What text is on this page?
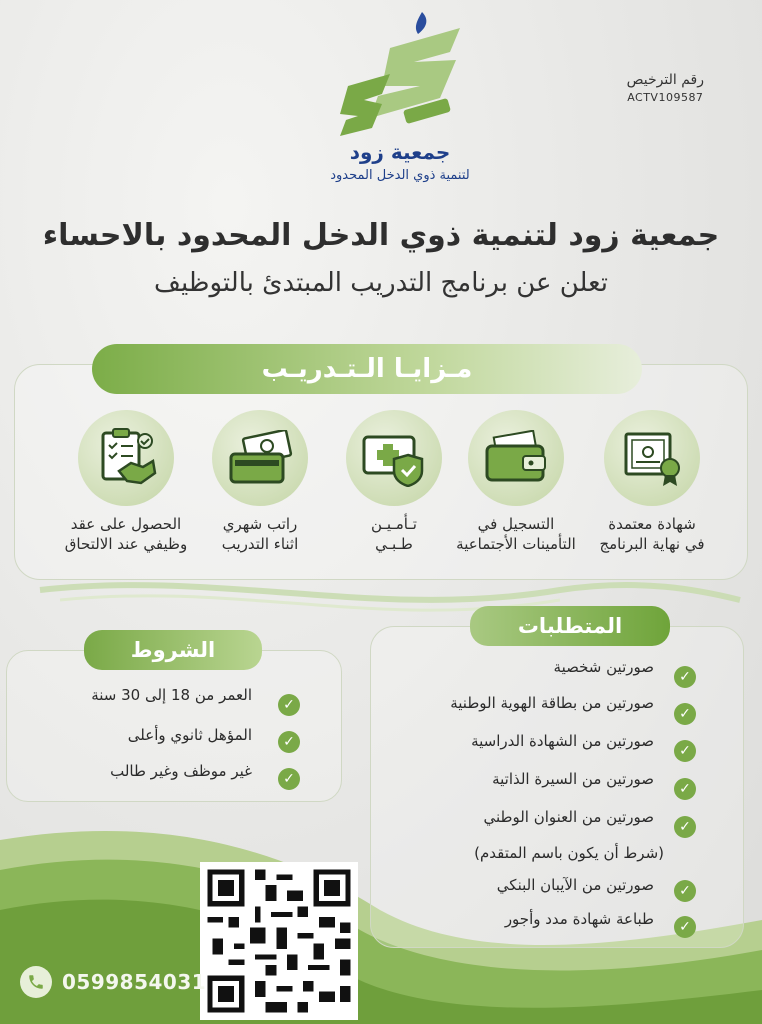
جمعية زود
لتنمية ذوي الدخل المحدود
رقم الترخيص
ACTV109587
جمعية زود لتنمية ذوي الدخل المحدود بالاحساء
تعلن عن برنامج التدريب المبتدئ بالتوظيف
مـزايـا الـتـدريـب
شهادة معتمدة
في نهاية البرنامج
التسجيل في
التأمينات الأجتماعية
تـأمـيـن
طـبـي
راتب شهري
اثناء التدريب
الحصول على عقد
وظيفي عند الالتحاق
الشروط
العمر من 18 إلى 30 سنة
✓
المؤهل ثانوي وأعلى	✓
غير موظف وغير طالب	✓
المتطلبات
صورتين شخصية
✓
صورتين من بطاقة الهوية الوطنية
✓
صورتين من الشهادة الدراسية
✓
صورتين من السيرة الذاتية
✓
صورتين من العنوان الوطني
✓
(شرط أن يكون باسم المتقدم)
صورتين من الآيبان البنكي	✓
طباعة شهادة مدد وأجور	✓
0599854031
